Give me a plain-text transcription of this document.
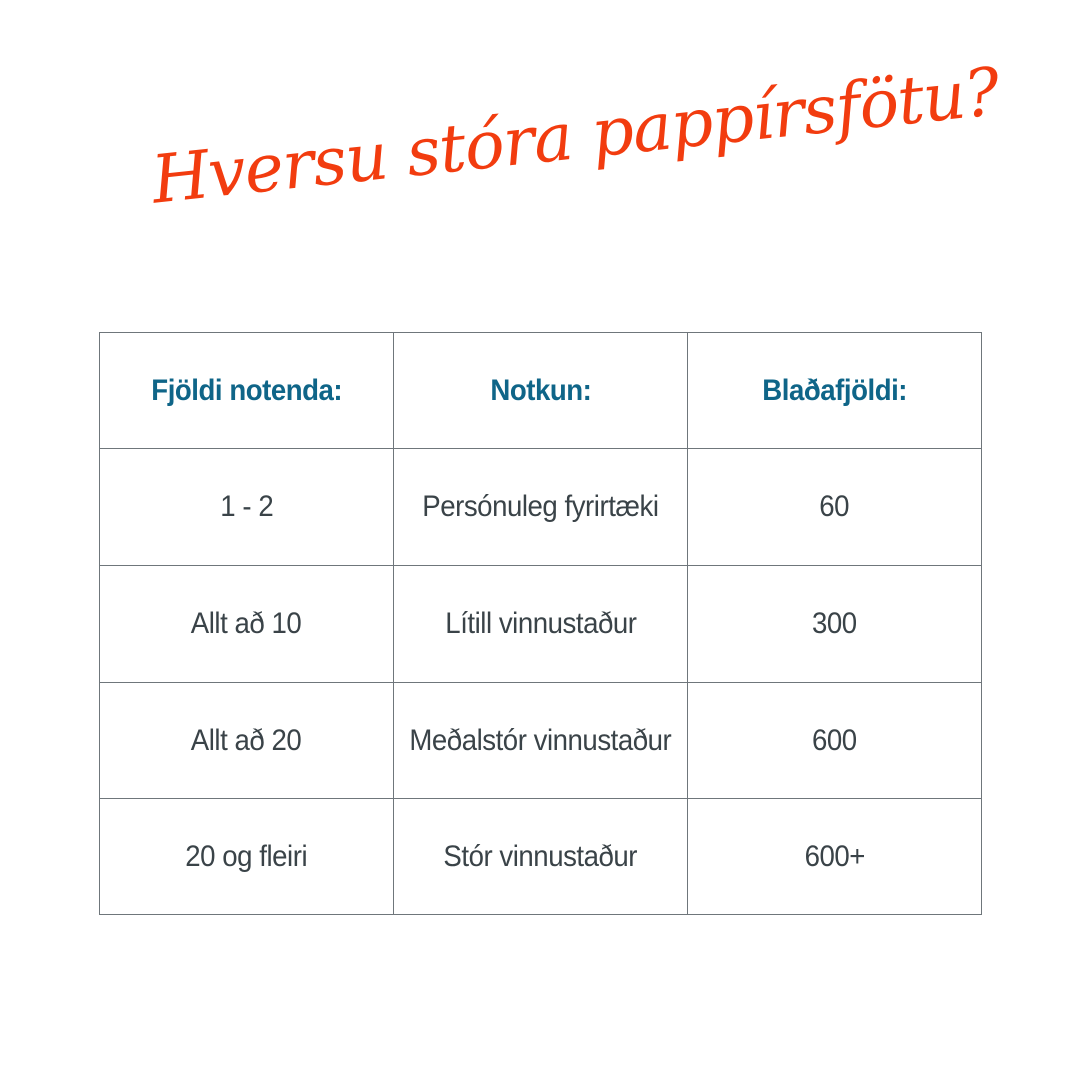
Hversu stóra pappírsfötu?
Fjöldi notenda:	Notkun:	Blaðafjöldi:
1 - 2	Persónuleg fyrirtæki	60
Allt að 10	Lítill vinnustaður	300
Allt að 20	Meðalstór vinnustaður	600
20 og fleiri	Stór vinnustaður	600+
